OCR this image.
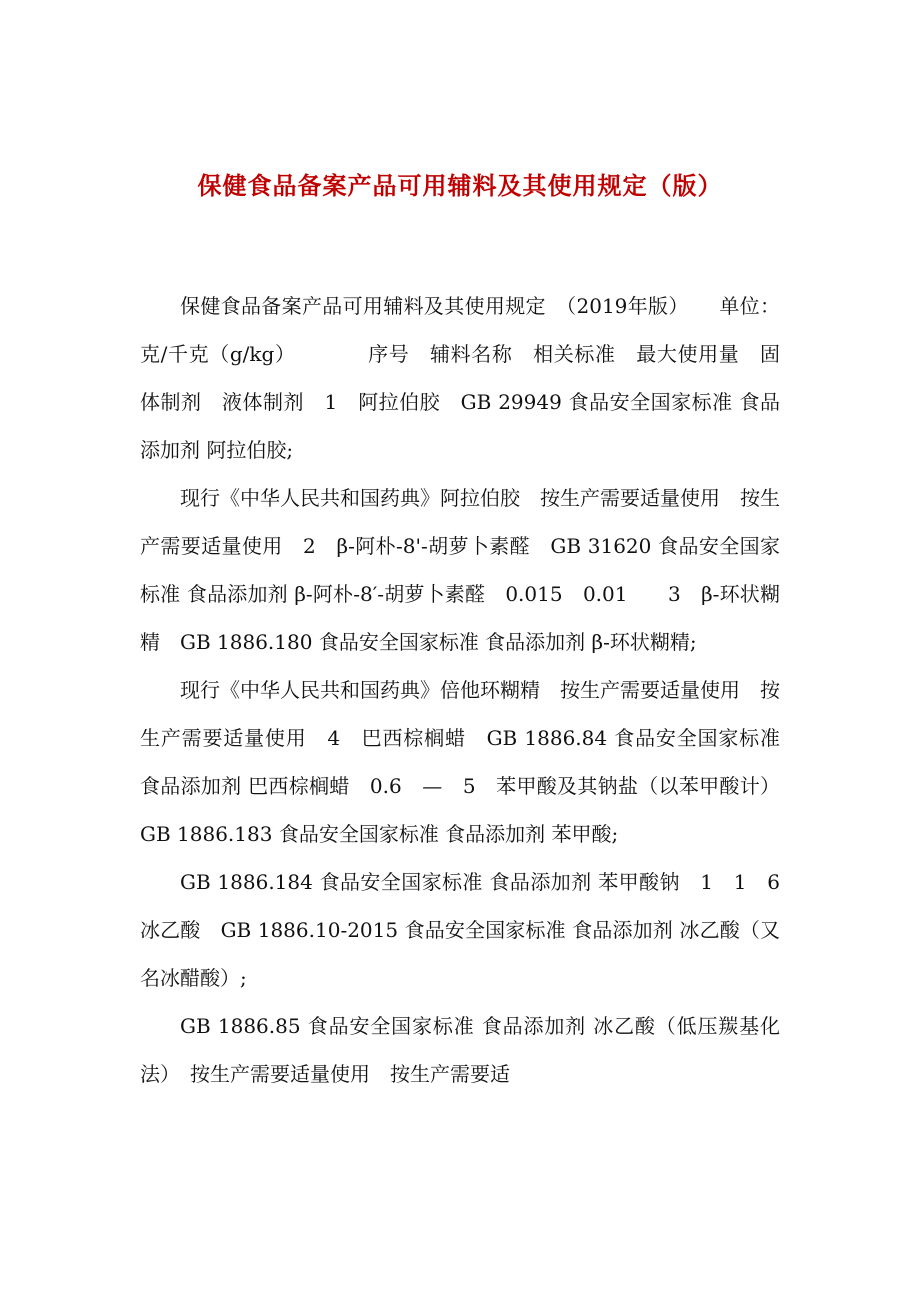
保健食品备案产品可用辅料及其使用规定（版）

保健食品备案产品可用辅料及其使用规定　（2019年版）　　单位：克/千克（g/kg）　　　　序号　辅料名称　相关标准　最大使用量　固体制剂　液体制剂　1　阿拉伯胶　GB 29949 食品安全国家标准 食品添加剂 阿拉伯胶;

现行《中华人民共和国药典》阿拉伯胶　按生产需要适量使用　按生产需要适量使用　2　β-阿朴-8'-胡萝卜素醛　GB 31620 食品安全国家标准 食品添加剂 β-阿朴-8′-胡萝卜素醛　0.015　0.01　　3　β-环状糊精　GB 1886.180 食品安全国家标准 食品添加剂 β-环状糊精;

现行《中华人民共和国药典》倍他环糊精　按生产需要适量使用　按生产需要适量使用　4　巴西棕榈蜡　GB 1886.84 食品安全国家标准 食品添加剂 巴西棕榈蜡　0.6　—　5　苯甲酸及其钠盐（以苯甲酸计）GB 1886.183 食品安全国家标准 食品添加剂 苯甲酸;

GB 1886.184 食品安全国家标准 食品添加剂 苯甲酸钠　1　1　6　冰乙酸　GB 1886.10-2015 食品安全国家标准 食品添加剂 冰乙酸（又名冰醋酸）;

GB 1886.85 食品安全国家标准 食品添加剂 冰乙酸（低压羰基化法）　按生产需要适量使用　按生产需要适
